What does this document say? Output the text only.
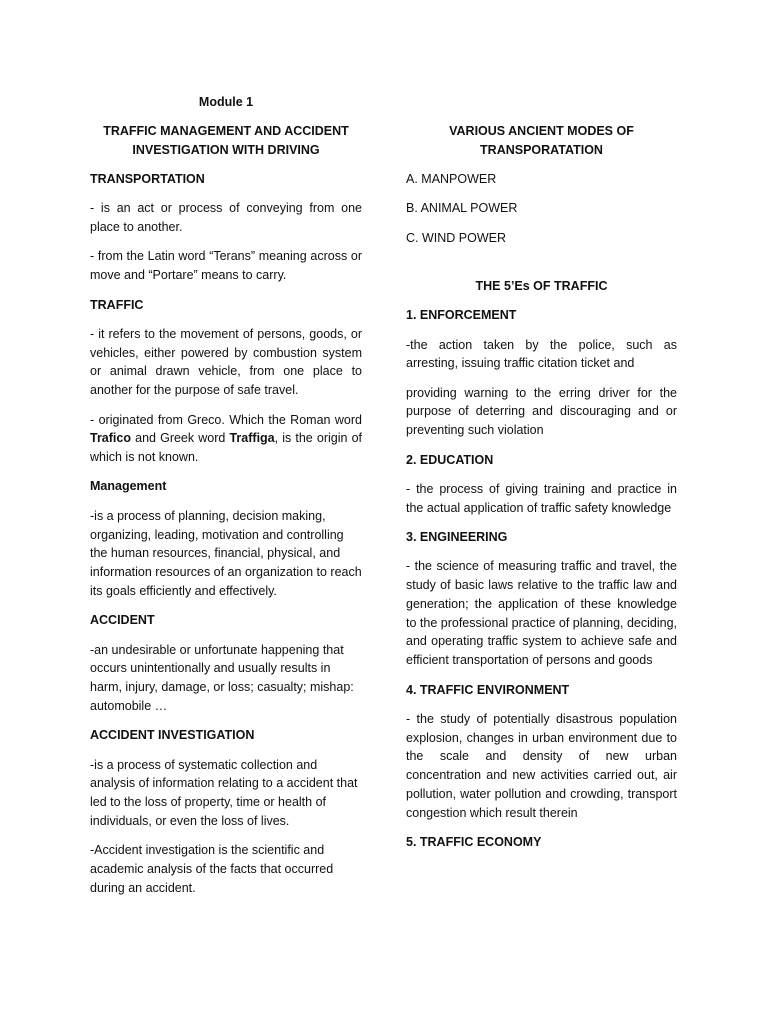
Module 1

TRAFFIC MANAGEMENT AND ACCIDENT INVESTIGATION WITH DRIVING

TRANSPORTATION

- is an act or process of conveying from one place to another.

- from the Latin word “Terans” meaning across or move and “Portare” means to carry.

TRAFFIC

- it refers to the movement of persons, goods, or vehicles, either powered by combustion system or animal drawn vehicle, from one place to another for the purpose of safe travel.

- originated from Greco. Which the Roman word Trafico and Greek word Traffiga, is the origin of which is not known.

Management

-is a process of planning, decision making, organizing, leading, motivation and controlling the human resources, financial, physical, and information resources of an organization to reach its goals efficiently and effectively.

ACCIDENT

-an undesirable or unfortunate happening that occurs unintentionally and usually results in harm, injury, damage, or loss; casualty; mishap: automobile …

ACCIDENT INVESTIGATION

-is a process of systematic collection and analysis of information relating to a accident that led to the loss of property, time or health of individuals, or even the loss of lives.

-Accident investigation is the scientific and academic analysis of the facts that occurred during an accident.

VARIOUS ANCIENT MODES OF TRANSPORATATION

A. MANPOWER

B. ANIMAL POWER

C. WIND POWER

THE 5’Es OF TRAFFIC

1. ENFORCEMENT

-the action taken by the police, such as arresting, issuing traffic citation ticket and

providing warning to the erring driver for the purpose of deterring and discouraging and or preventing such violation

2. EDUCATION

- the process of giving training and practice in the actual application of traffic safety knowledge

3. ENGINEERING

- the science of measuring traffic and travel, the study of basic laws relative to the traffic law and generation; the application of these knowledge to the professional practice of planning, deciding, and operating traffic system to achieve safe and efficient transportation of persons and goods

4. TRAFFIC ENVIRONMENT

- the study of potentially disastrous population explosion, changes in urban environment due to the scale and density of new urban concentration and new activities carried out, air pollution, water pollution and crowding, transport congestion which result therein

5. TRAFFIC ECONOMY
